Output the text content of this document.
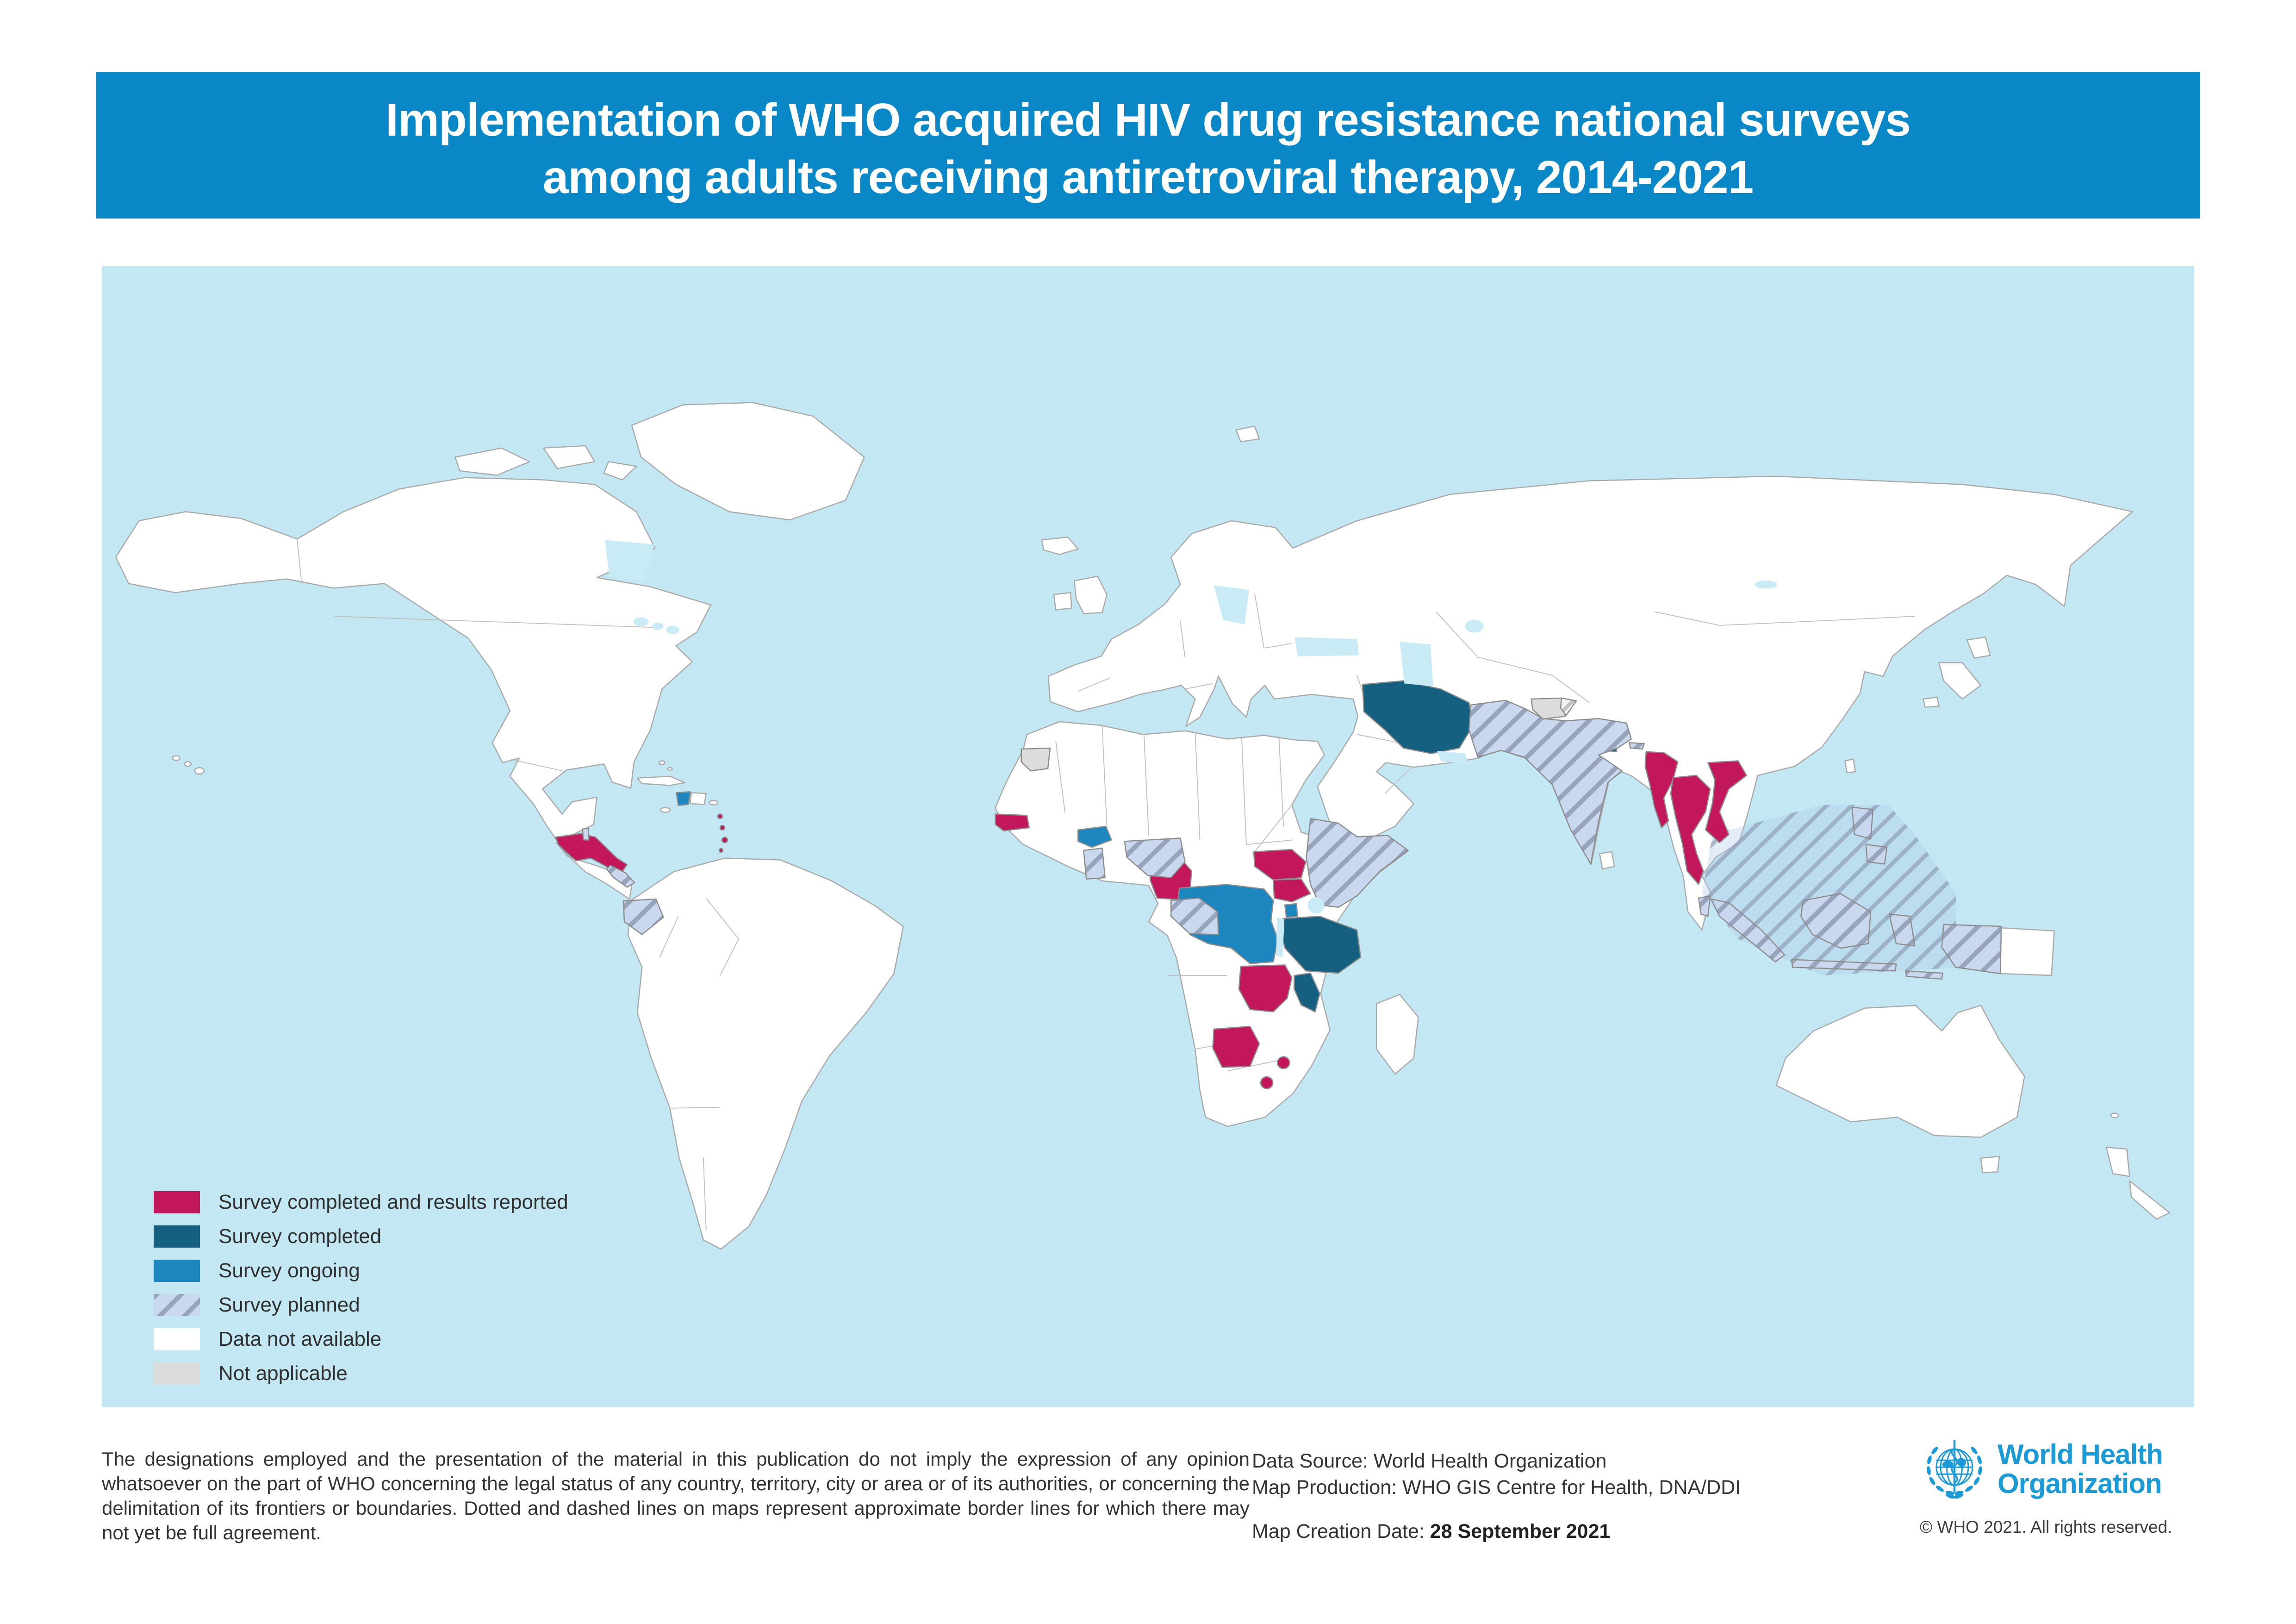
Implementation of WHO acquired HIV drug resistance national surveys
among adults receiving antiretroviral therapy, 2014-2021
Survey completed and results reported
Survey completed
Survey ongoing
Survey planned
Data not available
Not applicable
The designations employed and the presentation of the material in this publication do not imply the expression of any opinion whatsoever on the part of WHO concerning the legal status of any country, territory, city or area or of its authorities, or concerning the delimitation of its frontiers or boundaries. Dotted and dashed lines on maps represent approximate border lines for which there may not yet be full agreement.
Data Source: World Health Organization
Map Production: WHO GIS Centre for Health, DNA/DDI
Map Creation Date: 28 September 2021
World Health
Organization
© WHO 2021. All rights reserved.
